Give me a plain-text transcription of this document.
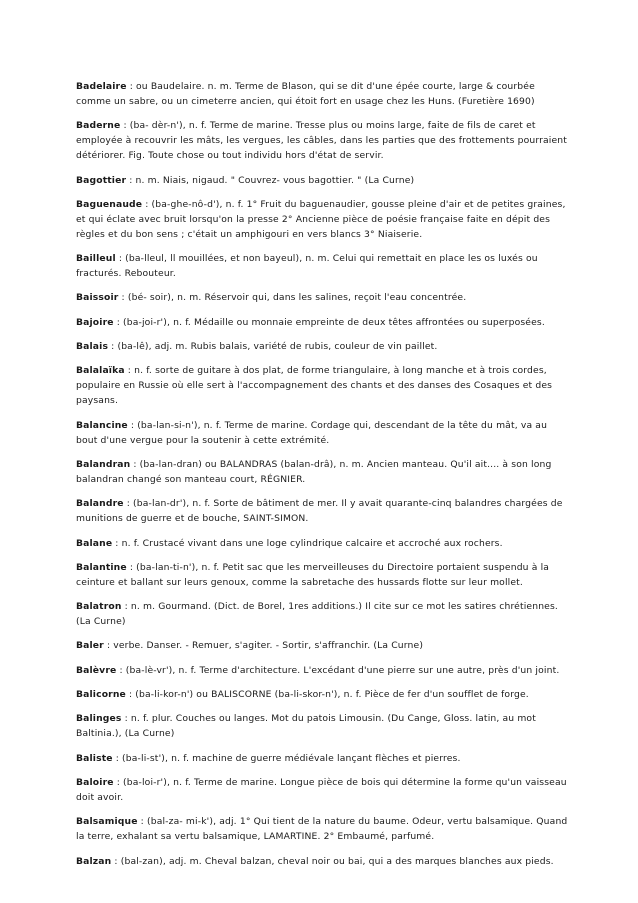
Badelaire : ou Baudelaire. n. m. Terme de Blason, qui se dit d'une épée courte, large & courbée comme un sabre, ou un cimeterre ancien, qui étoit fort en usage chez les Huns. (Furetière 1690)

Baderne : (ba- dèr-n'), n. f. Terme de marine. Tresse plus ou moins large, faite de fils de caret et employée à recouvrir les mâts, les vergues, les câbles, dans les parties que des frottements pourraient détériorer. Fig. Toute chose ou tout individu hors d'état de servir.

Bagottier : n. m. Niais, nigaud. " Couvrez- vous bagottier. " (La Curne)

Baguenaude : (ba-ghe-nô-d'), n. f. 1° Fruit du baguenaudier, gousse pleine d'air et de petites graines, et qui éclate avec bruit lorsqu'on la presse 2° Ancienne pièce de poésie française faite en dépit des règles et du bon sens ; c'était un amphigouri en vers blancs 3° Niaiserie.

Bailleul : (ba-lleul, ll mouillées, et non bayeul), n. m. Celui qui remettait en place les os luxés ou fracturés. Rebouteur.

Baissoir : (bé- soir), n. m. Réservoir qui, dans les salines, reçoit l'eau concentrée.

Bajoire : (ba-joi-r'), n. f. Médaille ou monnaie empreinte de deux têtes affrontées ou superposées.

Balais : (ba-lê), adj. m. Rubis balais, variété de rubis, couleur de vin paillet.

Balalaïka : n. f. sorte de guitare à dos plat, de forme triangulaire, à long manche et à trois cordes, populaire en Russie où elle sert à l'accompagnement des chants et des danses des Cosaques et des paysans.

Balancine : (ba-lan-si-n'), n. f. Terme de marine. Cordage qui, descendant de la tête du mât, va au bout d'une vergue pour la soutenir à cette extrémité.

Balandran : (ba-lan-dran) ou BALANDRAS (balan-drâ), n. m. Ancien manteau. Qu'il ait.... à son long balandran changé son manteau court, RÉGNIER.

Balandre : (ba-lan-dr'), n. f. Sorte de bâtiment de mer. Il y avait quarante-cinq balandres chargées de munitions de guerre et de bouche, SAINT-SIMON.

Balane : n. f. Crustacé vivant dans une loge cylindrique calcaire et accroché aux rochers.

Balantine : (ba-lan-ti-n'), n. f. Petit sac que les merveilleuses du Directoire portaient suspendu à la ceinture et ballant sur leurs genoux, comme la sabretache des hussards flotte sur leur mollet.

Balatron : n. m. Gourmand. (Dict. de Borel, 1res additions.) Il cite sur ce mot les satires chrétiennes. (La Curne)

Baler : verbe. Danser. - Remuer, s'agiter. - Sortir, s'affranchir. (La Curne)

Balèvre : (ba-lè-vr'), n. f. Terme d'architecture. L'excédant d'une pierre sur une autre, près d'un joint.

Balicorne : (ba-li-kor-n') ou BALISCORNE (ba-li-skor-n'), n. f. Pièce de fer d'un soufflet de forge.

Balinges : n. f. plur. Couches ou langes. Mot du patois Limousin. (Du Cange, Gloss. latin, au mot Baltinia.), (La Curne)

Baliste : (ba-li-st'), n. f. machine de guerre médiévale lançant flèches et pierres.

Baloire : (ba-loi-r'), n. f. Terme de marine. Longue pièce de bois qui détermine la forme qu'un vaisseau doit avoir.

Balsamique : (bal-za- mi-k'), adj. 1° Qui tient de la nature du baume. Odeur, vertu balsamique. Quand la terre, exhalant sa vertu balsamique, LAMARTINE. 2° Embaumé, parfumé.

Balzan : (bal-zan), adj. m. Cheval balzan, cheval noir ou bai, qui a des marques blanches aux pieds.
